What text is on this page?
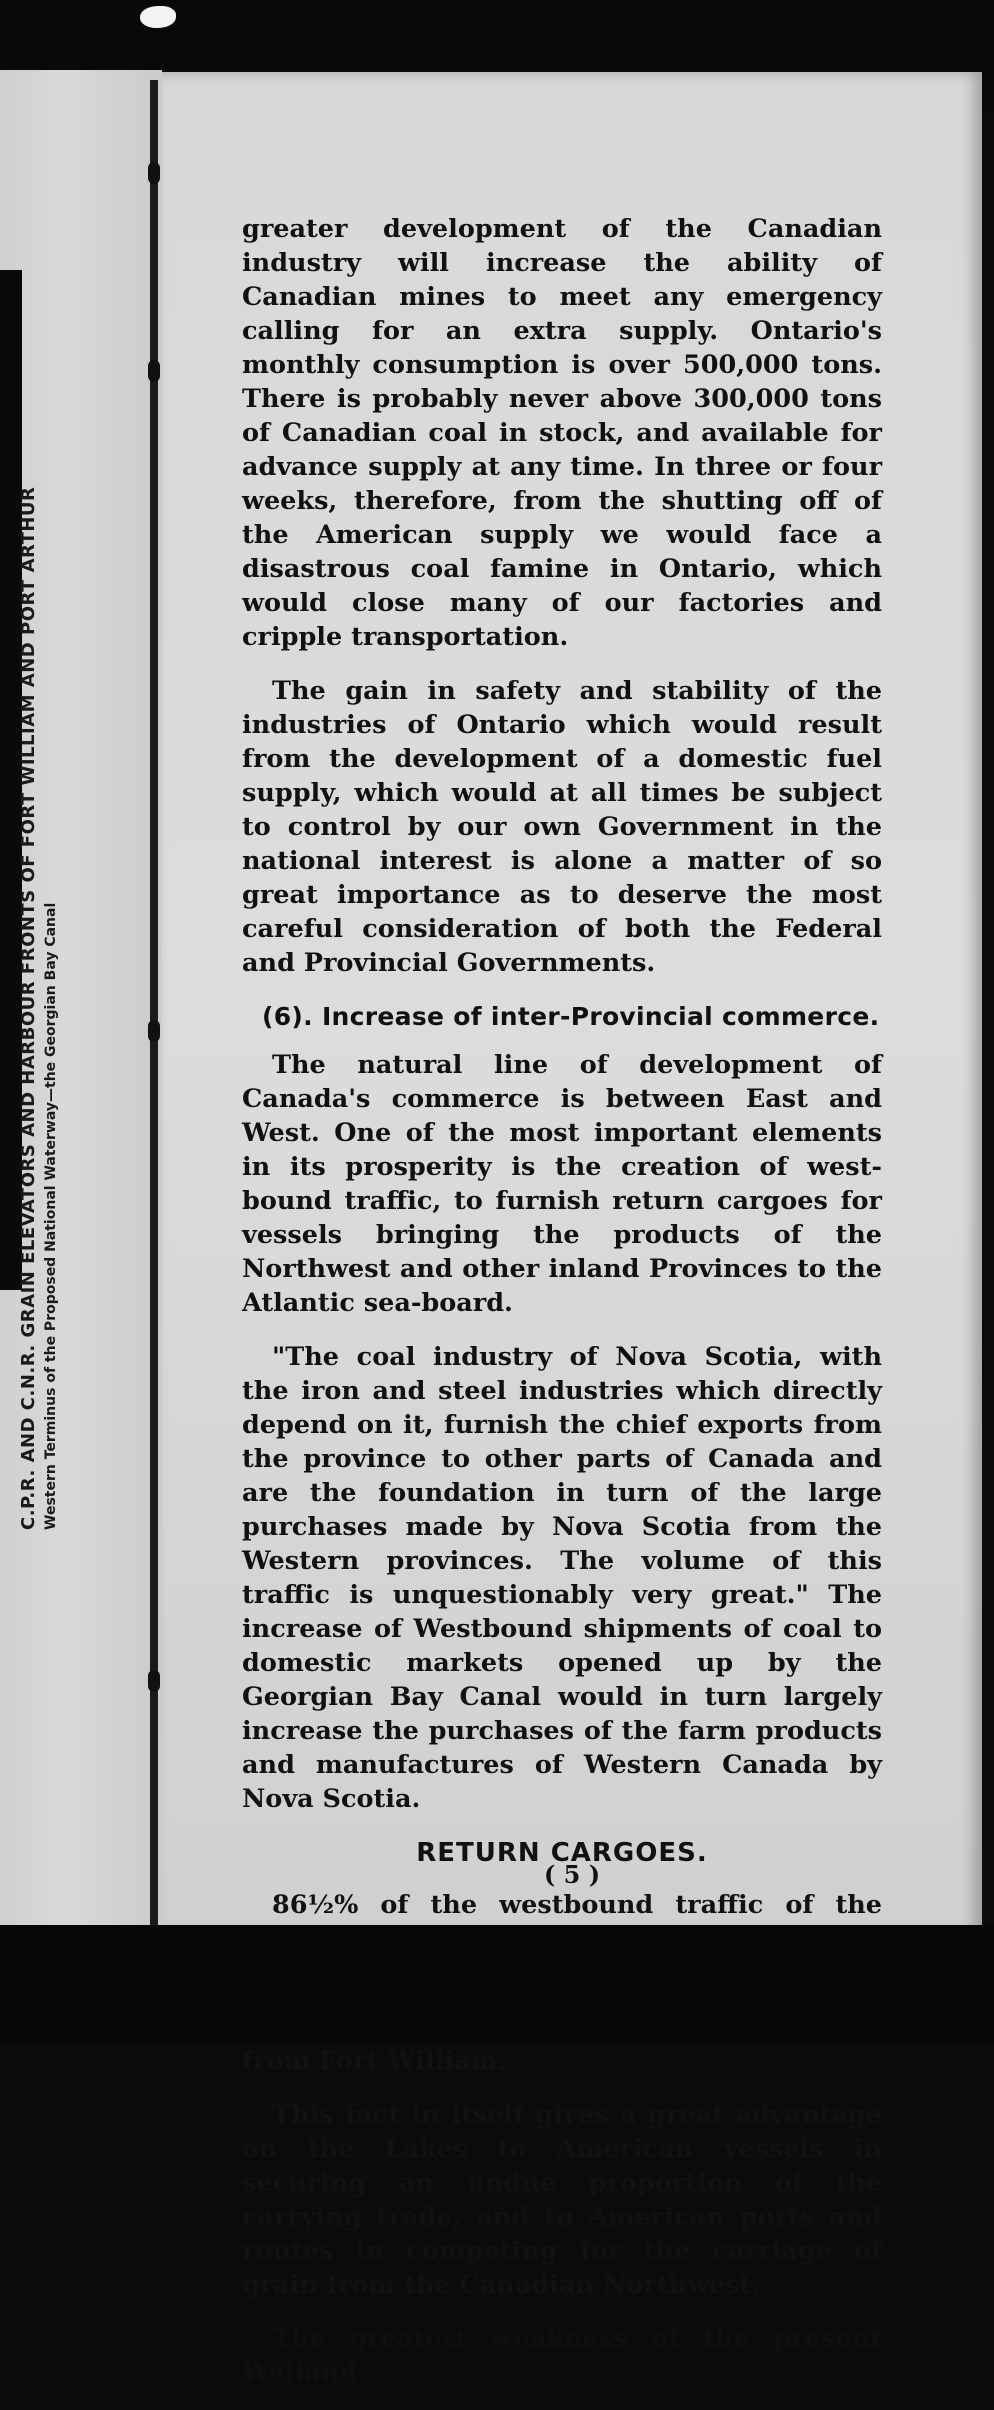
C.P.R. AND C.N.R. GRAIN ELEVATORS AND HARBOUR FRONTS OF FORT WILLIAM AND PORT ARTHUR Western Terminus of the Proposed National Waterway—the Georgian Bay Canal

greater development of the Canadian industry will increase the ability of Canadian mines to meet any emergency calling for an extra supply. Ontario's monthly consumption is over 500,000 tons. There is probably never above 300,000 tons of Canadian coal in stock, and available for advance supply at any time. In three or four weeks, therefore, from the shutting off of the American supply we would face a disastrous coal famine in Ontario, which would close many of our factories and cripple transportation.

The gain in safety and stability of the industries of Ontario which would result from the development of a domestic fuel supply, which would at all times be subject to control by our own Government in the national interest is alone a matter of so great importance as to deserve the most careful consideration of both the Federal and Provincial Governments.

(6). Increase of inter-Provincial commerce.

The natural line of development of Canada's commerce is between East and West. One of the most important elements in its prosperity is the creation of west-bound traffic, to furnish return cargoes for vessels bringing the products of the Northwest and other inland Provinces to the Atlantic sea-board.

"The coal industry of Nova Scotia, with the iron and steel industries which directly depend on it, furnish the chief exports from the province to other parts of Canada and are the foundation in turn of the large purchases made by Nova Scotia from the Western provinces. The volume of this traffic is unquestionably very great." The increase of Westbound shipments of coal to domestic markets opened up by the Georgian Bay Canal would in turn largely increase the purchases of the farm products and manufactures of Western Canada by Nova Scotia.

RETURN CARGOES.

86½% of the westbound traffic of the

from Fort William.

This fact in itself gives a great advantage on the Lakes to American vessels in securing an undue proportion of the carrying trade, and to American ports and routes in competing for the carriage of grain from the Canadian Northwest.

The greatest weakness of the present Welland

( 5 )
